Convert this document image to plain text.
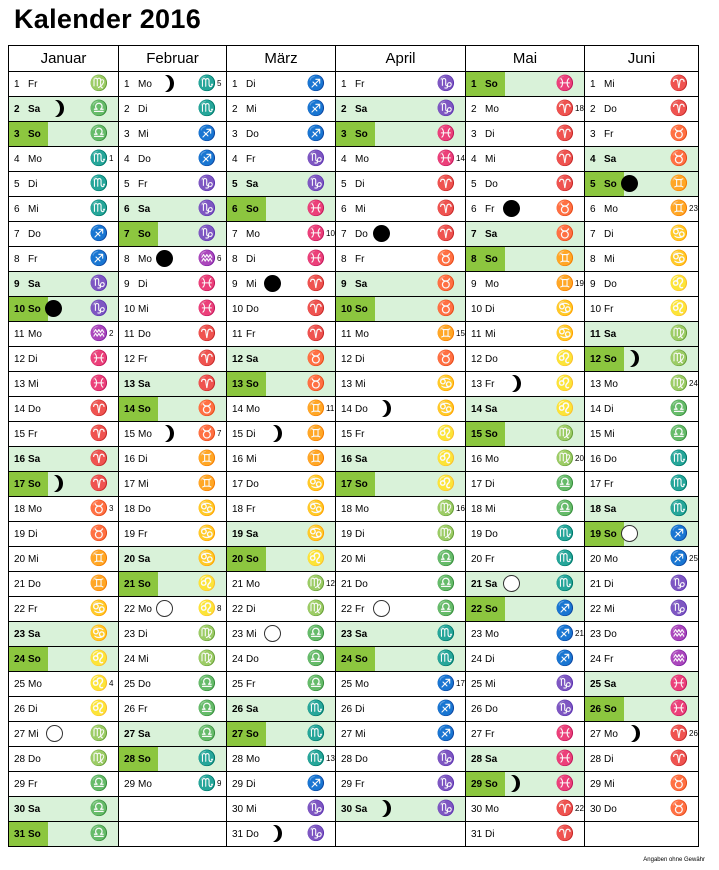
Kalender 2016
Januar	Februar	März	April	Mai	Juni

1 Fr ♍	1 Mo ♏ 5	1 Di ♐	1 Fr ♑	1 So ♓	1 Mi ♈

2 Sa ♎	2 Di ♏	2 Mi ♐	2 Sa ♑	2 Mo ♈ 18	2 Do ♈

3 So ♎	3 Mi ♐	3 Do ♐	3 So ♓	3 Di ♈	3 Fr ♉

4 Mo ♏ 1	4 Do ♐	4 Fr ♑	4 Mo ♓ 14	4 Mi ♈	4 Sa ♉

5 Di ♏	5 Fr ♑	5 Sa ♑	5 Di ♈	5 Do ♈	5 So ♊

6 Mi ♏	6 Sa ♑	6 So ♓	6 Mi ♈	6 Fr ♉	6 Mo ♊ 23

7 Do ♐	7 So ♑	7 Mo ♓ 10	7 Do ♈	7 Sa ♉	7 Di ♋

8 Fr ♐	8 Mo ♒ 6	8 Di ♓	8 Fr ♉	8 So ♊	8 Mi ♋

9 Sa ♑	9 Di ♓	9 Mi ♈	9 Sa ♉	9 Mo ♊ 19	9 Do ♌

10 So ♑	10 Mi ♓	10 Do ♈	10 So ♉	10 Di ♋	10 Fr ♌

11 Mo ♒ 2	11 Do ♈	11 Fr ♈	11 Mo ♊ 15	11 Mi ♋	11 Sa ♍

12 Di ♓	12 Fr ♈	12 Sa ♉	12 Di ♉	12 Do ♌	12 So ♍

13 Mi ♓	13 Sa ♈	13 So ♉	13 Mi ♋	13 Fr ♌	13 Mo ♍ 24

14 Do ♈	14 So ♉	14 Mo ♊ 11	14 Do ♋	14 Sa ♌	14 Di ♎

15 Fr ♈	15 Mo ♉ 7	15 Di ♊	15 Fr ♌	15 So ♍	15 Mi ♎

16 Sa ♈	16 Di ♊	16 Mi ♊	16 Sa ♌	16 Mo ♍ 20	16 Do ♏

17 So ♈	17 Mi ♊	17 Do ♋	17 So ♌	17 Di ♎	17 Fr ♏

18 Mo ♉ 3	18 Do ♋	18 Fr ♋	18 Mo ♍ 16	18 Mi ♎	18 Sa ♏

19 Di ♉	19 Fr ♋	19 Sa ♋	19 Di ♍	19 Do ♏	19 So ♐

20 Mi ♊	20 Sa ♋	20 So ♌	20 Mi ♎	20 Fr ♏	20 Mo ♐ 25

21 Do ♊	21 So ♌	21 Mo ♍ 12	21 Do ♎	21 Sa ♏	21 Di ♑

22 Fr ♋	22 Mo ♌ 8	22 Di ♍	22 Fr ♎	22 So ♐	22 Mi ♑

23 Sa ♋	23 Di ♍	23 Mi ♎	23 Sa ♏	23 Mo ♐ 21	23 Do ♒

24 So ♌	24 Mi ♍	24 Do ♎	24 So ♏	24 Di ♐	24 Fr ♒

25 Mo ♌ 4	25 Do ♎	25 Fr ♎	25 Mo ♐ 17	25 Mi ♑	25 Sa ♓

26 Di ♌	26 Fr ♎	26 Sa ♏	26 Di ♐	26 Do ♑	26 So ♓

27 Mi ♍	27 Sa ♎	27 So ♏	27 Mi ♐	27 Fr ♓	27 Mo ♈ 26

28 Do ♍	28 So ♏	28 Mo ♏ 13	28 Do ♑	28 Sa ♓	28 Di ♈

29 Fr ♎	29 Mo ♏ 9	29 Di ♐	29 Fr ♑	29 So ♓	29 Mi ♉

30 Sa ♎		30 Mi ♑	30 Sa ♑	30 Mo ♈ 22	30 Do ♉

31 So ♎		31 Do ♑		31 Di ♈	

Angaben ohne Gewähr
